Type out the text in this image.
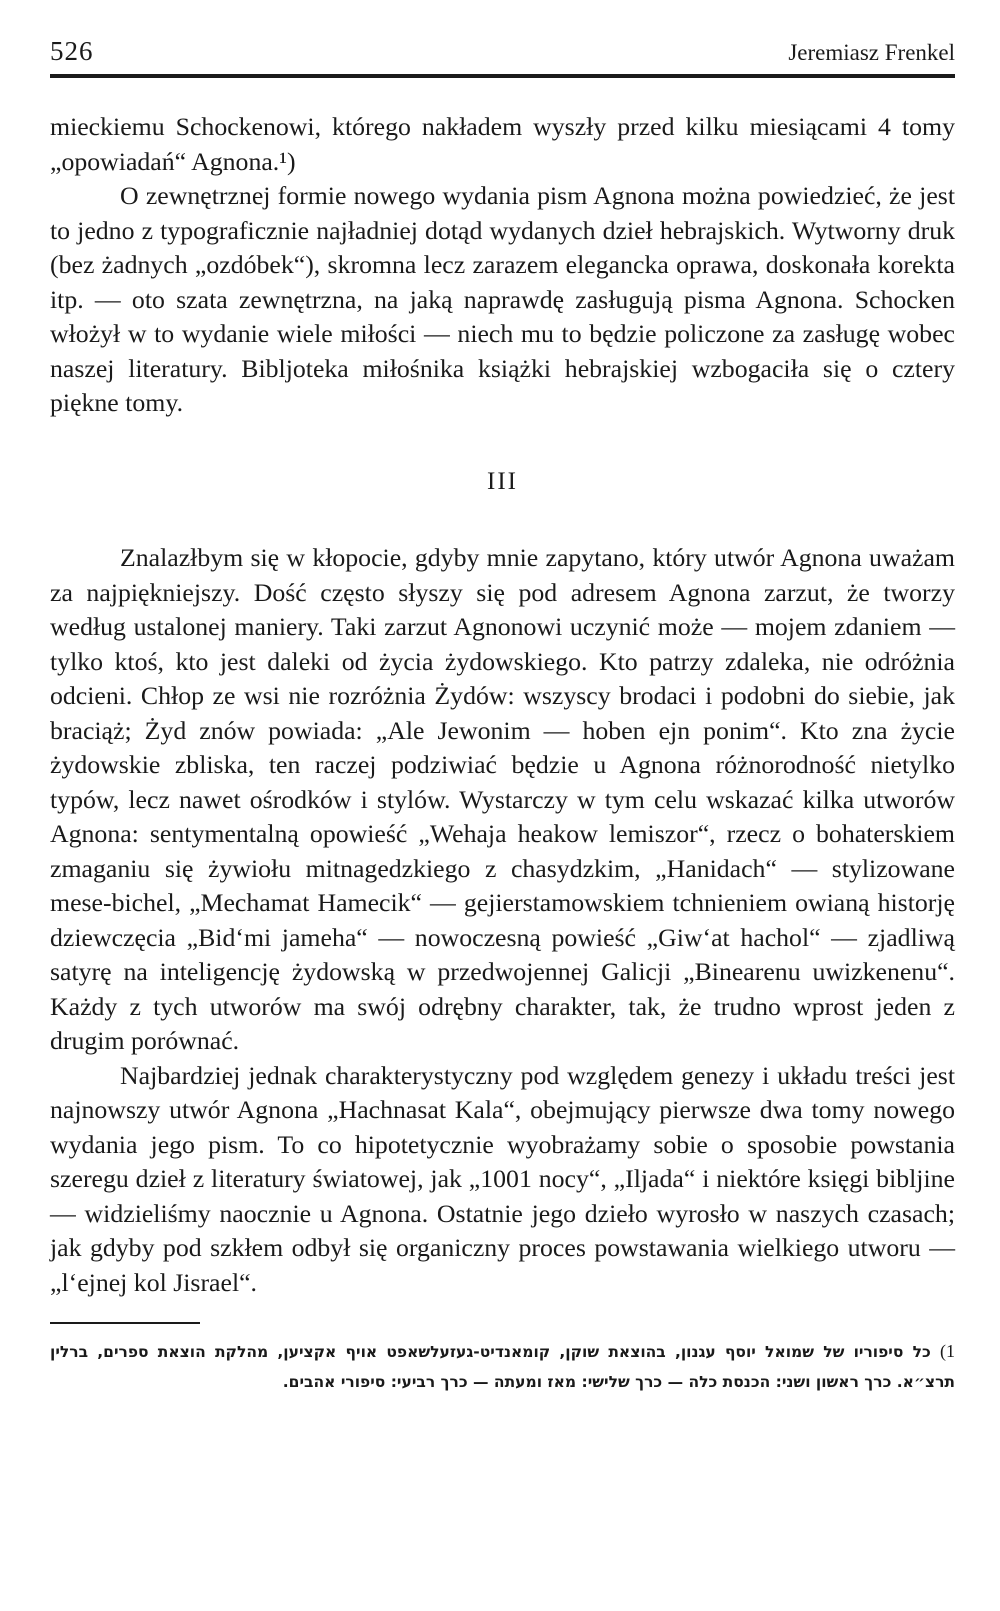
526	Jeremiasz Frenkel

mieckiemu Schockenowi, którego nakładem wyszły przed kilku miesiącami 4 tomy „opowiadań“ Agnona.¹)

O zewnętrznej formie nowego wydania pism Agnona można powiedzieć, że jest to jedno z typograficznie najładniej dotąd wydanych dzieł hebrajskich. Wytworny druk (bez żadnych „ozdóbek“), skromna lecz zarazem elegancka oprawa, doskonała korekta itp. — oto szata zewnętrzna, na jaką naprawdę zasługują pisma Agnona. Schocken włożył w to wydanie wiele miłości — niech mu to będzie policzone za zasługę wobec naszej literatury. Bibljoteka miłośnika książki hebrajskiej wzbogaciła się o cztery piękne tomy.

III

Znalazłbym się w kłopocie, gdyby mnie zapytano, który utwór Agnona uważam za najpiękniejszy. Dość często słyszy się pod adresem Agnona zarzut, że tworzy według ustalonej maniery. Taki zarzut Agnonowi uczynić może — mojem zdaniem — tylko ktoś, kto jest daleki od życia żydowskiego. Kto patrzy zdaleka, nie odróżnia odcieni. Chłop ze wsi nie rozróżnia Żydów: wszyscy brodaci i podobni do siebie, jak braciąż; Żyd znów powiada: „Ale Jewonim — hoben ejn ponim“. Kto zna życie żydowskie zbliska, ten raczej podziwiać będzie u Agnona różnorodność nietylko typów, lecz nawet ośrodków i stylów. Wystarczy w tym celu wskazać kilka utworów Agnona: sentymentalną opowieść „Wehaja heakow lemiszor“, rzecz o bohaterskiem zmaganiu się żywiołu mitnagedzkiego z chasydzkim, „Hanidach“ — stylizowane mese-bichel, „Mechamat Hamecik“ — gejierstamowskiem tchnieniem owianą historję dziewczęcia „Bid‘mi jameha“ — nowoczesną powieść „Giw‘at hachol“ — zjadliwą satyrę na inteligencję żydowską w przedwojennej Galicji „Binearenu uwizkenenu“. Każdy z tych utworów ma swój odrębny charakter, tak, że trudno wprost jeden z drugim porównać.

Najbardziej jednak charakterystyczny pod względem genezy i układu treści jest najnowszy utwór Agnona „Hachnasat Kala“, obejmujący pierwsze dwa tomy nowego wydania jego pism. To co hipotetycznie wyobrażamy sobie o sposobie powstania szeregu dzieł z literatury światowej, jak „1001 nocy“, „Iljada“ i niektóre księgi bibljine — widzieliśmy naocznie u Agnona. Ostatnie jego dzieło wyrosło w naszych czasach; jak gdyby pod szkłem odbył się organiczny proces powstawania wielkiego utworu — „l‘ejnej kol Jisrael“.

1) כל סיפוריו של שמואל יוסף עגנון, בהוצאת שוקן, קומאנדיט-געזעלשאפט אויף אקציען, מהלקת הוצאת ספרים, ברלין תרצ״א. כרך ראשון ושני: הכנסת כלה — כרך שלישי: מאז ומעתה — כרך רביעי: סיפורי אהבים.
